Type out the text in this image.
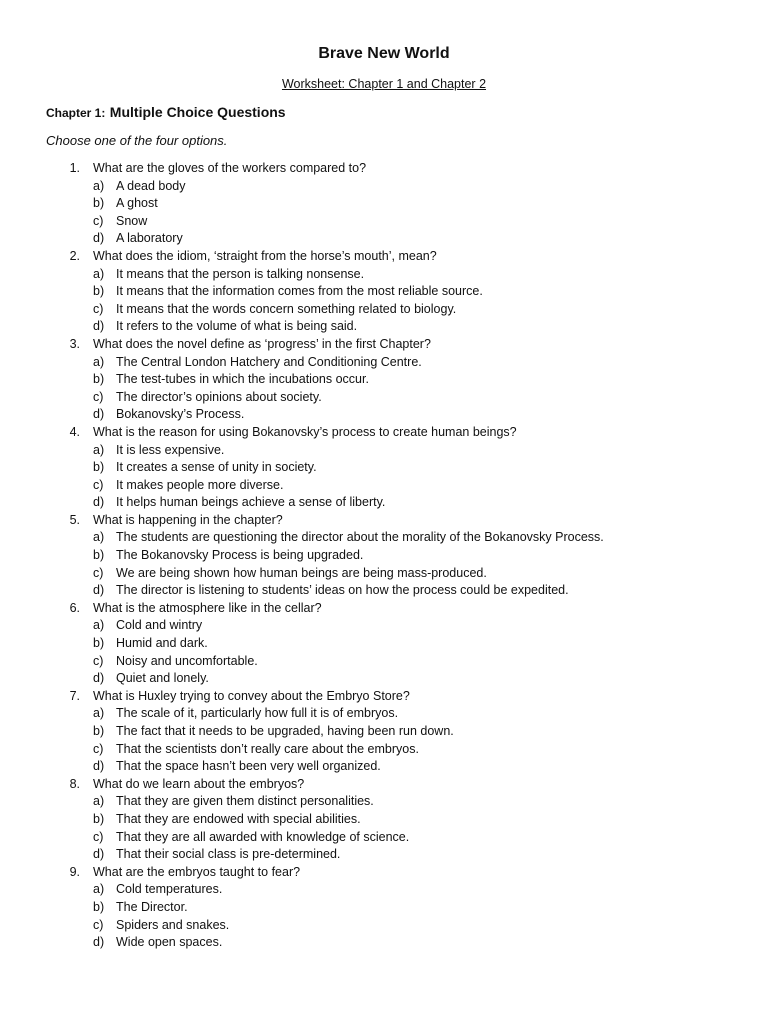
Brave New World
Worksheet: Chapter 1 and Chapter 2
Chapter 1: Multiple Choice Questions
Choose one of the four options.
1. What are the gloves of the workers compared to?
a) A dead body
b) A ghost
c) Snow
d) A laboratory
2. What does the idiom, ‘straight from the horse’s mouth’, mean?
a) It means that the person is talking nonsense.
b) It means that the information comes from the most reliable source.
c) It means that the words concern something related to biology.
d) It refers to the volume of what is being said.
3. What does the novel define as ‘progress’ in the first Chapter?
a) The Central London Hatchery and Conditioning Centre.
b) The test-tubes in which the incubations occur.
c) The director’s opinions about society.
d) Bokanovsky’s Process.
4. What is the reason for using Bokanovsky’s process to create human beings?
a) It is less expensive.
b) It creates a sense of unity in society.
c) It makes people more diverse.
d) It helps human beings achieve a sense of liberty.
5. What is happening in the chapter?
a) The students are questioning the director about the morality of the Bokanovsky Process.
b) The Bokanovsky Process is being upgraded.
c) We are being shown how human beings are being mass-produced.
d) The director is listening to students’ ideas on how the process could be expedited.
6. What is the atmosphere like in the cellar?
a) Cold and wintry
b) Humid and dark.
c) Noisy and uncomfortable.
d) Quiet and lonely.
7. What is Huxley trying to convey about the Embryo Store?
a) The scale of it, particularly how full it is of embryos.
b) The fact that it needs to be upgraded, having been run down.
c) That the scientists don’t really care about the embryos.
d) That the space hasn’t been very well organized.
8. What do we learn about the embryos?
a) That they are given them distinct personalities.
b) That they are endowed with special abilities.
c) That they are all awarded with knowledge of science.
d) That their social class is pre-determined.
9. What are the embryos taught to fear?
a) Cold temperatures.
b) The Director.
c) Spiders and snakes.
d) Wide open spaces.
